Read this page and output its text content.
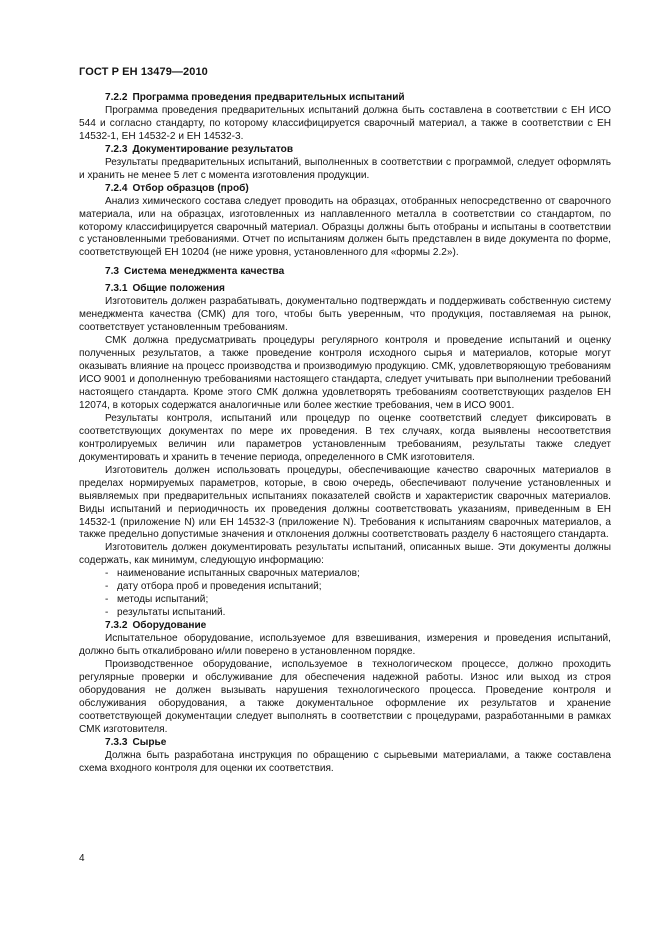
ГОСТ Р ЕН 13479—2010

7.2.2 Программа проведения предварительных испытаний

Программа проведения предварительных испытаний должна быть составлена в соответствии с ЕН ИСО 544 и согласно стандарту, по которому классифицируется сварочный материал, а также в соответствии с ЕН 14532-1, ЕН 14532-2 и ЕН 14532-3.

7.2.3 Документирование результатов

Результаты предварительных испытаний, выполненных в соответствии с программой, следует оформлять и хранить не менее 5 лет с момента изготовления продукции.

7.2.4 Отбор образцов (проб)

Анализ химического состава следует проводить на образцах, отобранных непосредственно от сварочного материала, или на образцах, изготовленных из наплавленного металла в соответствии со стандартом, по которому классифицируется сварочный материал. Образцы должны быть отобраны и испытаны в соответствии с установленными требованиями. Отчет по испытаниям должен быть представлен в виде документа по форме, соответствующей ЕН 10204 (не ниже уровня, установленного для «формы 2.2»).

7.3 Система менеджмента качества

7.3.1 Общие положения

Изготовитель должен разрабатывать, документально подтверждать и поддерживать собственную систему менеджмента качества (СМК) для того, чтобы быть уверенным, что продукция, поставляемая на рынок, соответствует установленным требованиям.

СМК должна предусматривать процедуры регулярного контроля и проведение испытаний и оценку полученных результатов, а также проведение контроля исходного сырья и материалов, которые могут оказывать влияние на процесс производства и производимую продукцию. СМК, удовлетворяющую требованиям ИСО 9001 и дополненную требованиями настоящего стандарта, следует учитывать при выполнении требований настоящего стандарта. Кроме этого СМК должна удовлетворять требованиям соответствующих разделов ЕН 12074, в которых содержатся аналогичные или более жесткие требования, чем в ИСО 9001.

Результаты контроля, испытаний или процедур по оценке соответствий следует фиксировать в соответствующих документах по мере их проведения. В тех случаях, когда выявлены несоответствия контролируемых величин или параметров установленным требованиям, результаты также следует документировать и хранить в течение периода, определенного в СМК изготовителя.

Изготовитель должен использовать процедуры, обеспечивающие качество сварочных материалов в пределах нормируемых параметров, которые, в свою очередь, обеспечивают получение установленных и выявляемых при предварительных испытаниях показателей свойств и характеристик сварочных материалов. Виды испытаний и периодичность их проведения должны соответствовать указаниям, приведенным в ЕН 14532-1 (приложение N) или ЕН 14532-3 (приложение N). Требования к испытаниям сварочных материалов, а также предельно допустимые значения и отклонения должны соответствовать разделу 6 настоящего стандарта.

Изготовитель должен документировать результаты испытаний, описанных выше. Эти документы должны содержать, как минимум, следующую информацию:

- наименование испытанных сварочных материалов;
- дату отбора проб и проведения испытаний;
- методы испытаний;
- результаты испытаний.

7.3.2 Оборудование

Испытательное оборудование, используемое для взвешивания, измерения и проведения испытаний, должно быть откалибровано и/или поверено в установленном порядке.

Производственное оборудование, используемое в технологическом процессе, должно проходить регулярные проверки и обслуживание для обеспечения надежной работы. Износ или выход из строя оборудования не должен вызывать нарушения технологического процесса. Проведение контроля и обслуживания оборудования, а также документальное оформление их результатов и хранение соответствующей документации следует выполнять в соответствии с процедурами, разработанными в рамках СМК изготовителя.

7.3.3 Сырье

Должна быть разработана инструкция по обращению с сырьевыми материалами, а также составлена схема входного контроля для оценки их соответствия.

4
